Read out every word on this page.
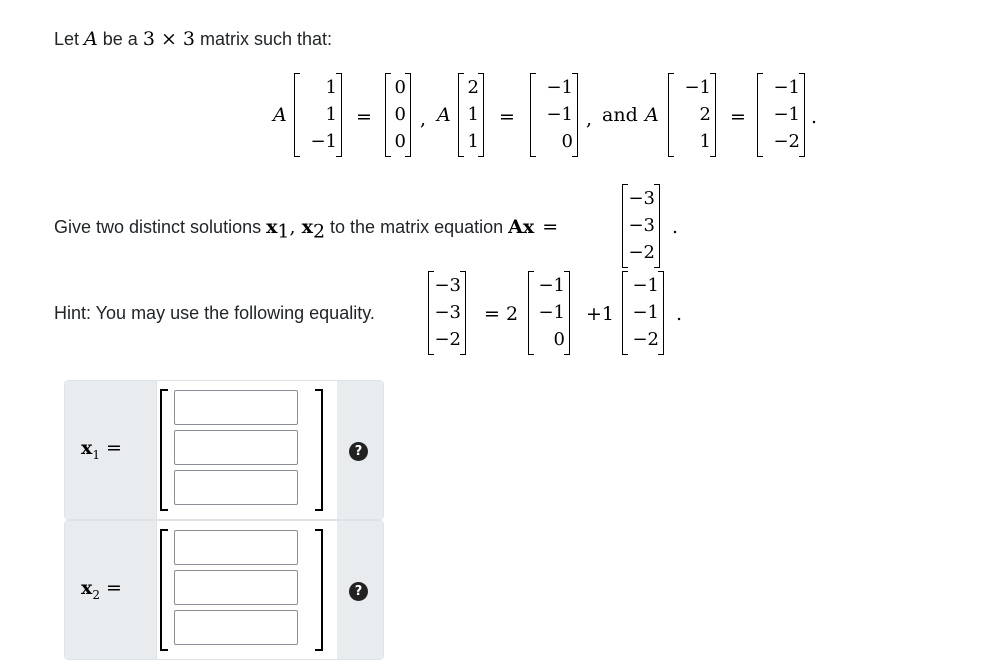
Let A be a 3 × 3 matrix such that:
A
1
1
−1
=
0
0
0
, A
2
1
1
=
−1
−1
0
, and A
−1
2
1
=
−1
−1
−2
.
Give two distinct solutions $x_1$, $x_2$ to the matrix equation Ax =
−3
−3
−2
.
Hint: You may use the following equality.
−3
−3
−2
= 2
−1
−1
0
+1
−1
−1
−2
.
$x_1$ =	?
$x_2$ =	?
